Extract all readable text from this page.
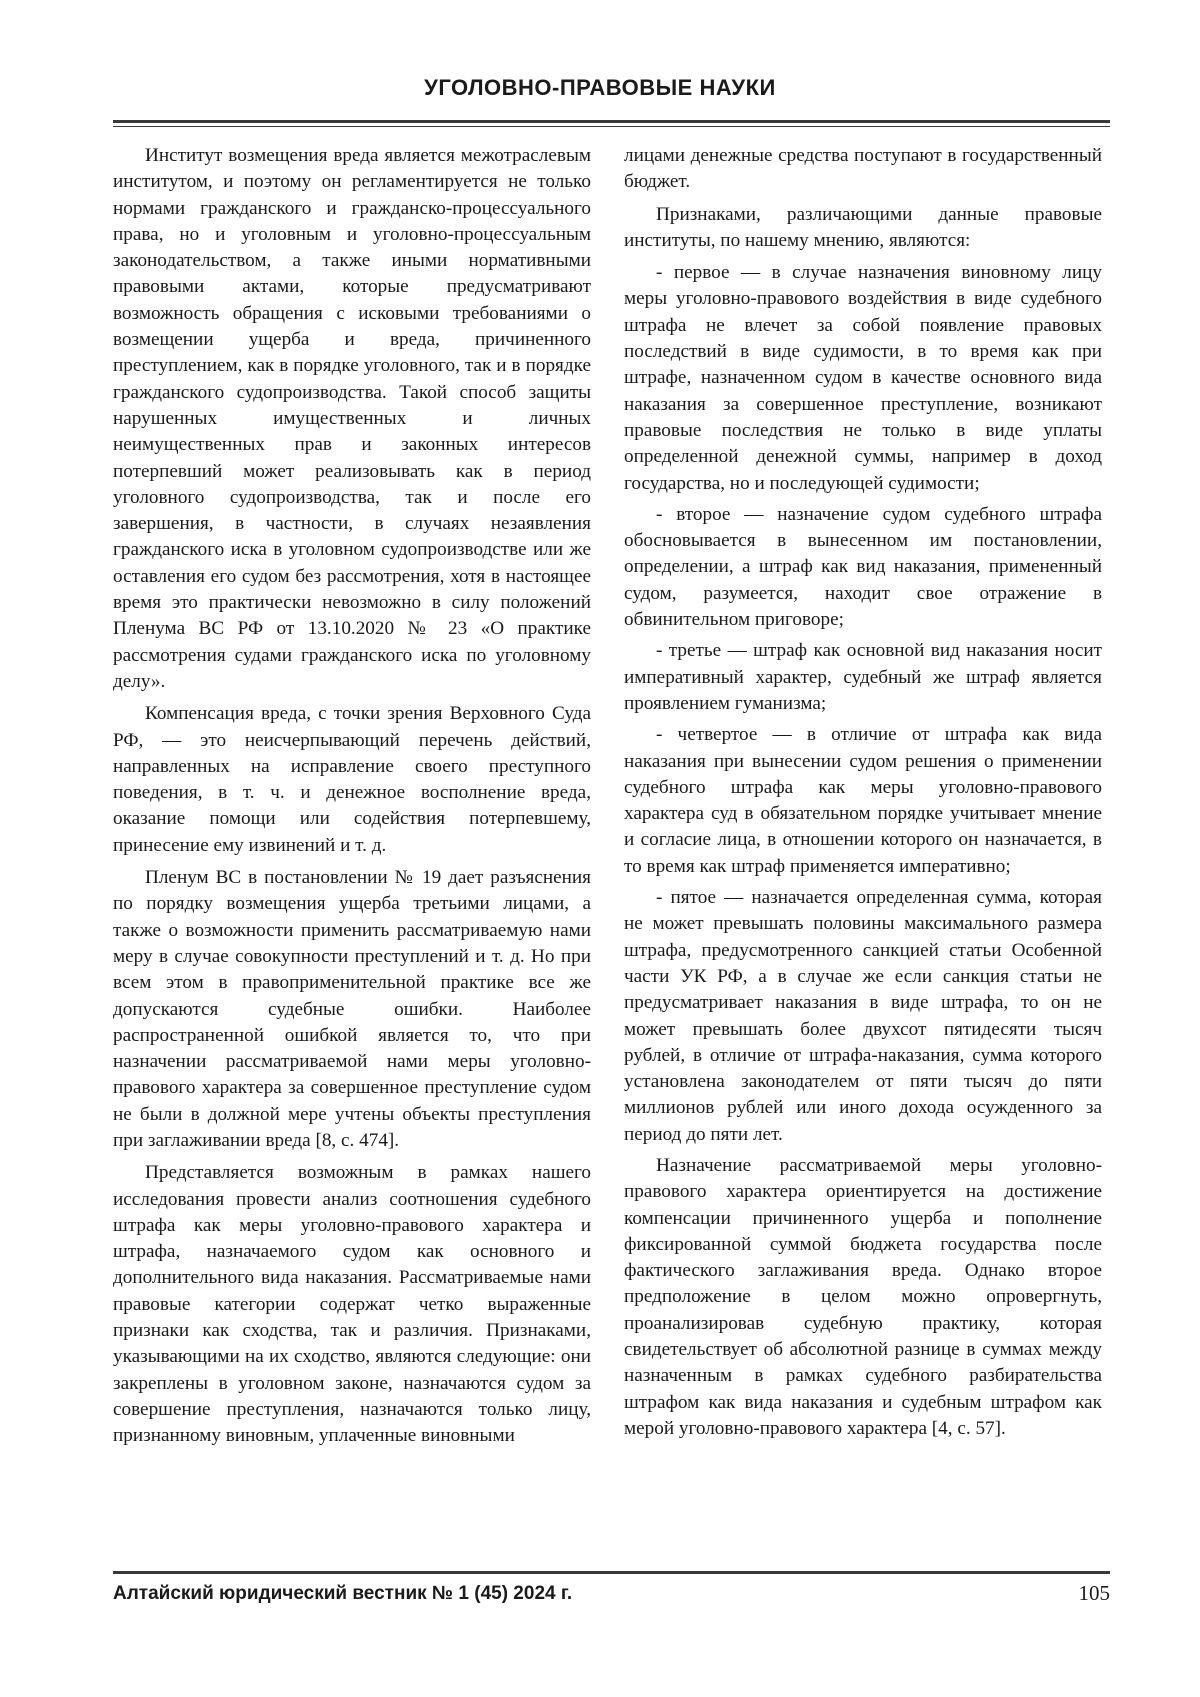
УГОЛОВНО-ПРАВОВЫЕ НАУКИ

Институт возмещения вреда является межотраслевым институтом, и поэтому он регламентируется не только нормами гражданского и гражданско-процессуального права, но и уголовным и уголовно-процессуальным законодательством, а также иными нормативными правовыми актами, которые предусматривают возможность обращения с исковыми требованиями о возмещении ущерба и вреда, причиненного преступлением, как в порядке уголовного, так и в порядке гражданского судопроизводства. Такой способ защиты нарушенных имущественных и личных неимущественных прав и законных интересов потерпевший может реализовывать как в период уголовного судопроизводства, так и после его завершения, в частности, в случаях незаявления гражданского иска в уголовном судопроизводстве или же оставления его судом без рассмотрения, хотя в настоящее время это практически невозможно в силу положений Пленума ВС РФ от 13.10.2020 № 23 «О практике рассмотрения судами гражданского иска по уголовному делу».

Компенсация вреда, с точки зрения Верховного Суда РФ, — это неисчерпывающий перечень действий, направленных на исправление своего преступного поведения, в т. ч. и денежное восполнение вреда, оказание помощи или содействия потерпевшему, принесение ему извинений и т. д.

Пленум ВС в постановлении № 19 дает разъяснения по порядку возмещения ущерба третьими лицами, а также о возможности применить рассматриваемую нами меру в случае совокупности преступлений и т. д. Но при всем этом в правоприменительной практике все же допускаются судебные ошибки. Наиболее распространенной ошибкой является то, что при назначении рассматриваемой нами меры уголовно-правового характера за совершенное преступление судом не были в должной мере учтены объекты преступления при заглаживании вреда [8, с. 474].

Представляется возможным в рамках нашего исследования провести анализ соотношения судебного штрафа как меры уголовно-правового характера и штрафа, назначаемого судом как основного и дополнительного вида наказания. Рассматриваемые нами правовые категории содержат четко выраженные признаки как сходства, так и различия. Признаками, указывающими на их сходство, являются следующие: они закреплены в уголовном законе, назначаются судом за совершение преступления, назначаются только лицу, признанному виновным, уплаченные виновными

лицами денежные средства поступают в государственный бюджет.

Признаками, различающими данные правовые институты, по нашему мнению, являются:

- первое — в случае назначения виновному лицу меры уголовно-правового воздействия в виде судебного штрафа не влечет за собой появление правовых последствий в виде судимости, в то время как при штрафе, назначенном судом в качестве основного вида наказания за совершенное преступление, возникают правовые последствия не только в виде уплаты определенной денежной суммы, например в доход государства, но и последующей судимости;

- второе — назначение судом судебного штрафа обосновывается в вынесенном им постановлении, определении, а штраф как вид наказания, примененный судом, разумеется, находит свое отражение в обвинительном приговоре;

- третье — штраф как основной вид наказания носит императивный характер, судебный же штраф является проявлением гуманизма;

- четвертое — в отличие от штрафа как вида наказания при вынесении судом решения о применении судебного штрафа как меры уголовно-правового характера суд в обязательном порядке учитывает мнение и согласие лица, в отношении которого он назначается, в то время как штраф применяется императивно;

- пятое — назначается определенная сумма, которая не может превышать половины максимального размера штрафа, предусмотренного санкцией статьи Особенной части УК РФ, а в случае же если санкция статьи не предусматривает наказания в виде штрафа, то он не может превышать более двухсот пятидесяти тысяч рублей, в отличие от штрафа-наказания, сумма которого установлена законодателем от пяти тысяч до пяти миллионов рублей или иного дохода осужденного за период до пяти лет.

Назначение рассматриваемой меры уголовно-правового характера ориентируется на достижение компенсации причиненного ущерба и пополнение фиксированной суммой бюджета государства после фактического заглаживания вреда. Однако второе предположение в целом можно опровергнуть, проанализировав судебную практику, которая свидетельствует об абсолютной разнице в суммах между назначенным в рамках судебного разбирательства штрафом как вида наказания и судебным штрафом как мерой уголовно-правового характера [4, с. 57].

Алтайский юридический вестник № 1 (45) 2024 г.	105
